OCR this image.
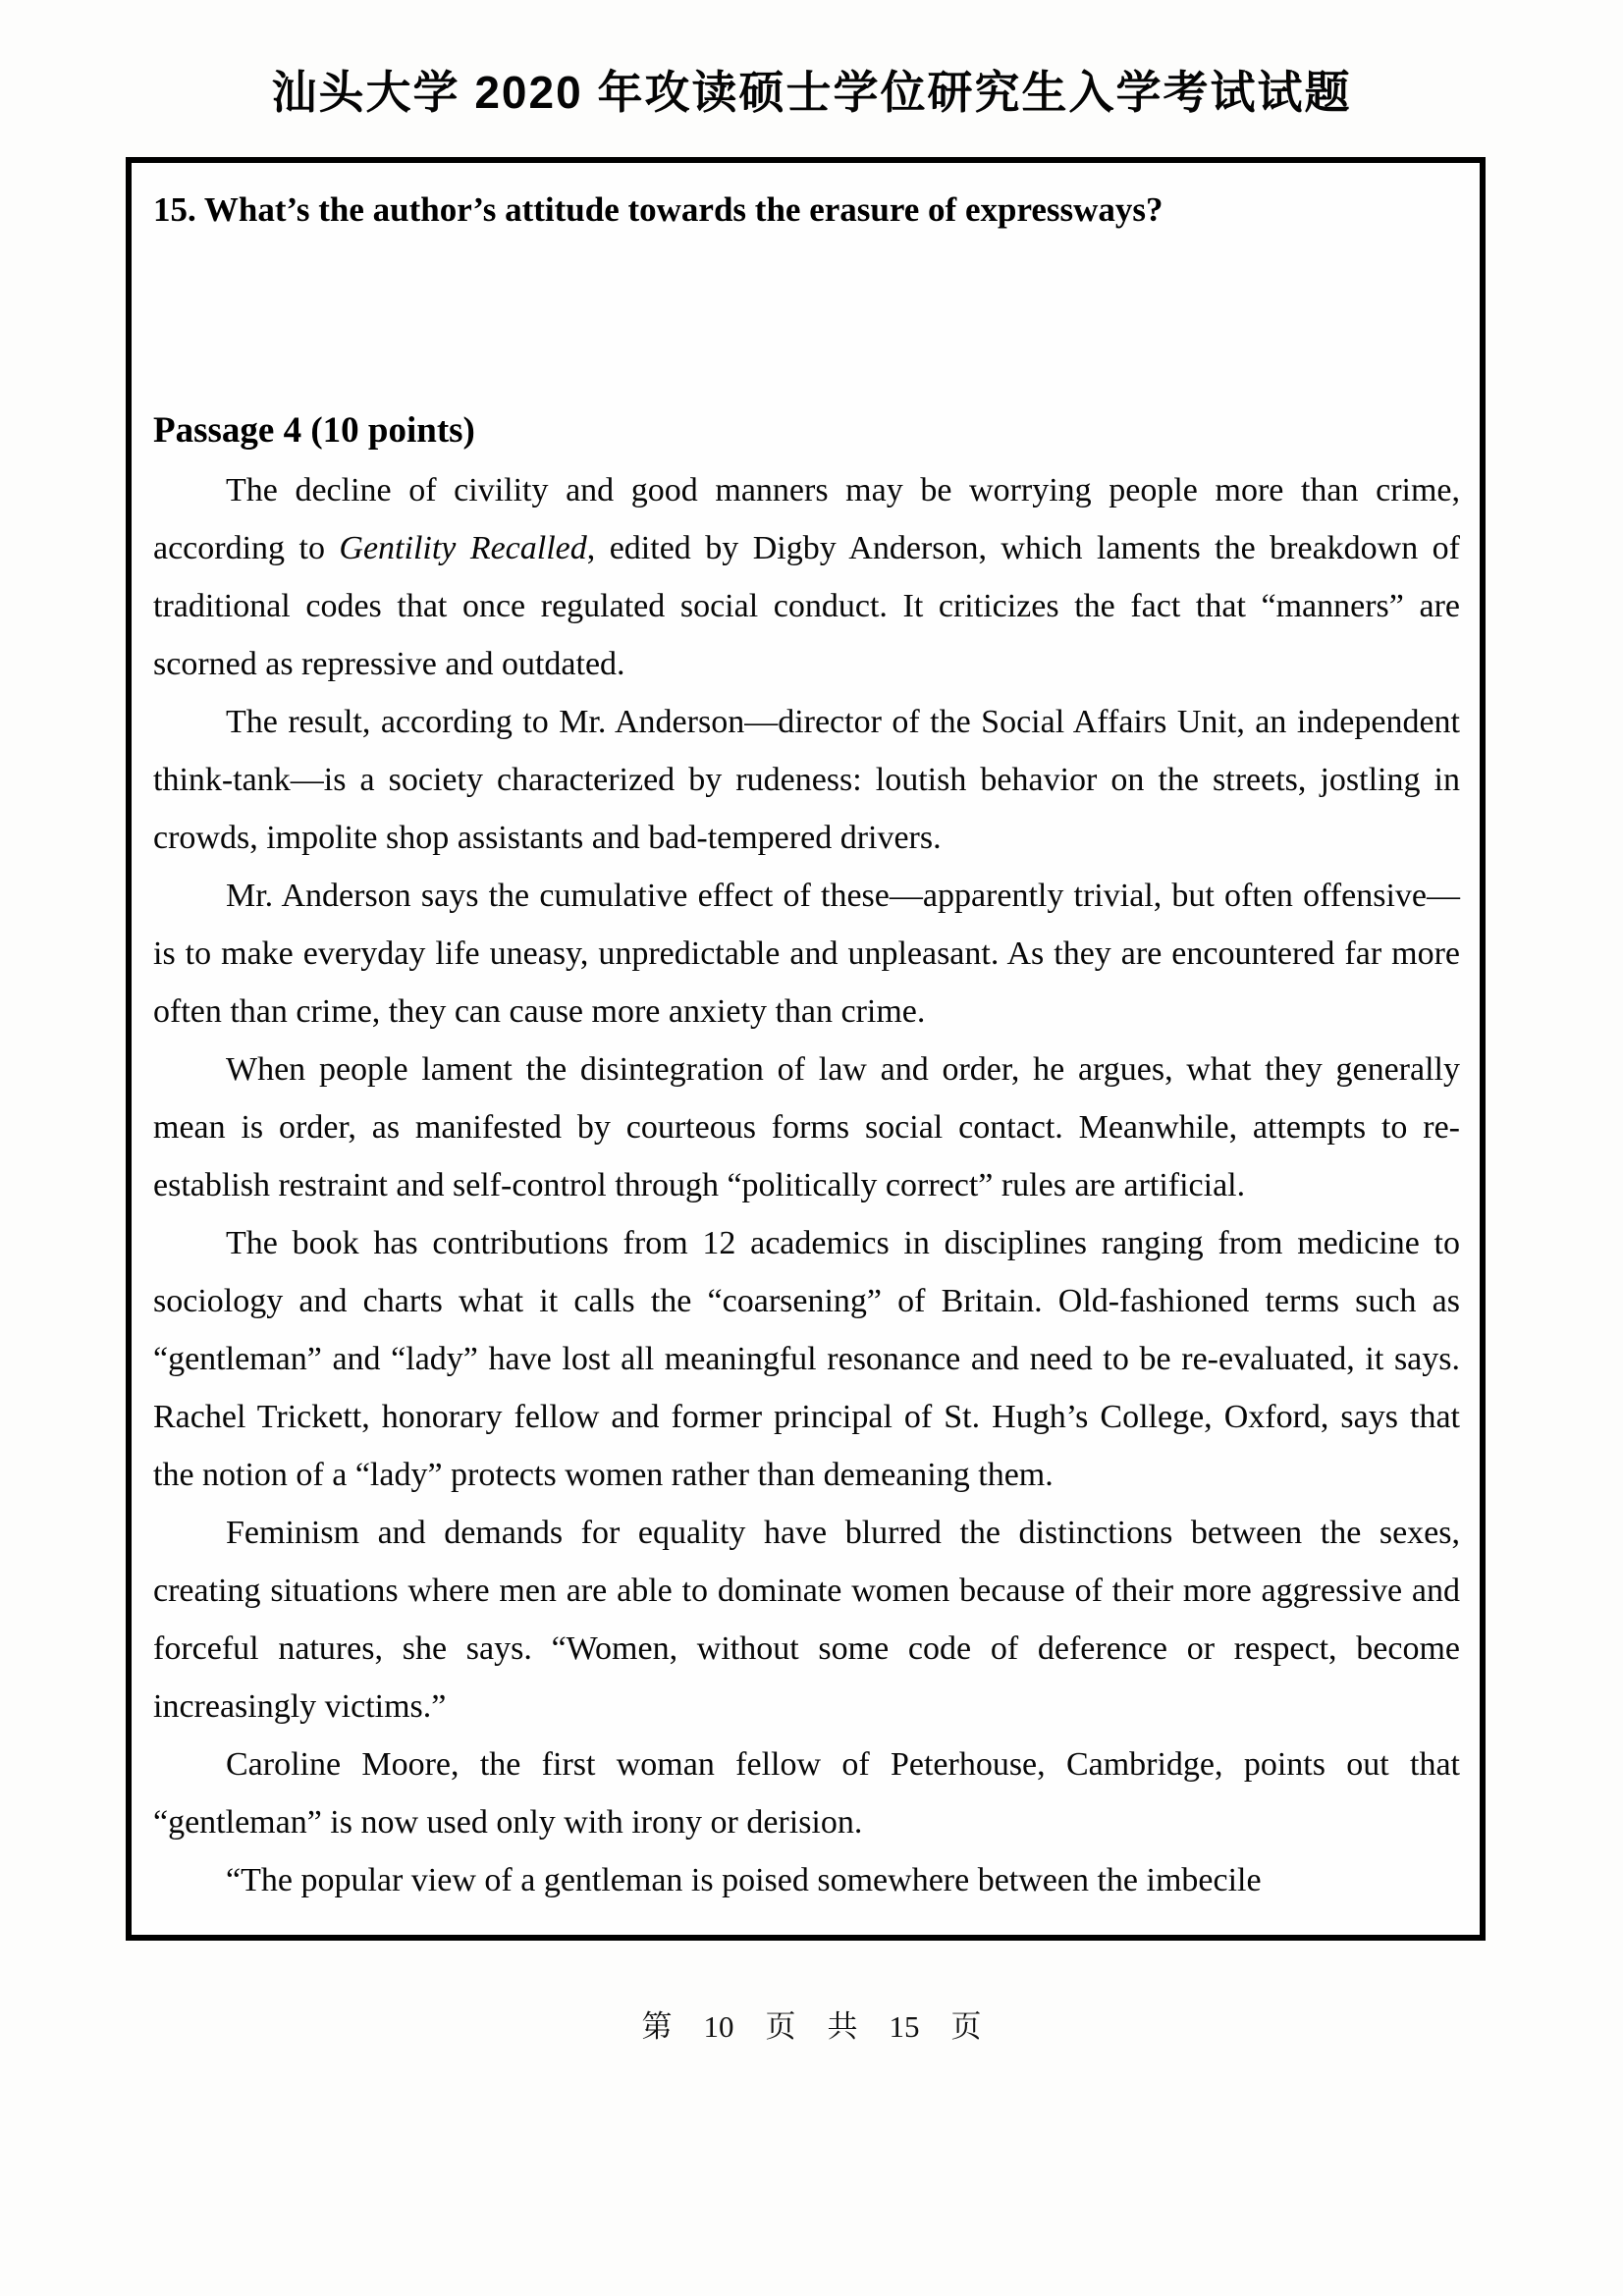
汕头大学 2020 年攻读硕士学位研究生入学考试试题

15. What’s the author’s attitude towards the erasure of expressways?

Passage 4 (10 points)

The decline of civility and good manners may be worrying people more than crime, according to Gentility Recalled, edited by Digby Anderson, which laments the breakdown of traditional codes that once regulated social conduct. It criticizes the fact that “manners” are scorned as repressive and outdated.

The result, according to Mr. Anderson—director of the Social Affairs Unit, an independent think-tank—is a society characterized by rudeness: loutish behavior on the streets, jostling in crowds, impolite shop assistants and bad-tempered drivers.

Mr. Anderson says the cumulative effect of these—apparently trivial, but often offensive—is to make everyday life uneasy, unpredictable and unpleasant. As they are encountered far more often than crime, they can cause more anxiety than crime.

When people lament the disintegration of law and order, he argues, what they generally mean is order, as manifested by courteous forms social contact. Meanwhile, attempts to re-establish restraint and self-control through “politically correct” rules are artificial.

The book has contributions from 12 academics in disciplines ranging from medicine to sociology and charts what it calls the “coarsening” of Britain. Old-fashioned terms such as “gentleman” and “lady” have lost all meaningful resonance and need to be re-evaluated, it says. Rachel Trickett, honorary fellow and former principal of St. Hugh’s College, Oxford, says that the notion of a “lady” protects women rather than demeaning them.

Feminism and demands for equality have blurred the distinctions between the sexes, creating situations where men are able to dominate women because of their more aggressive and forceful natures, she says. “Women, without some code of deference or respect, become increasingly victims.”

Caroline Moore, the first woman fellow of Peterhouse, Cambridge, points out that “gentleman” is now used only with irony or derision.

“The popular view of a gentleman is poised somewhere between the imbecile

第 10 页 共 15 页
